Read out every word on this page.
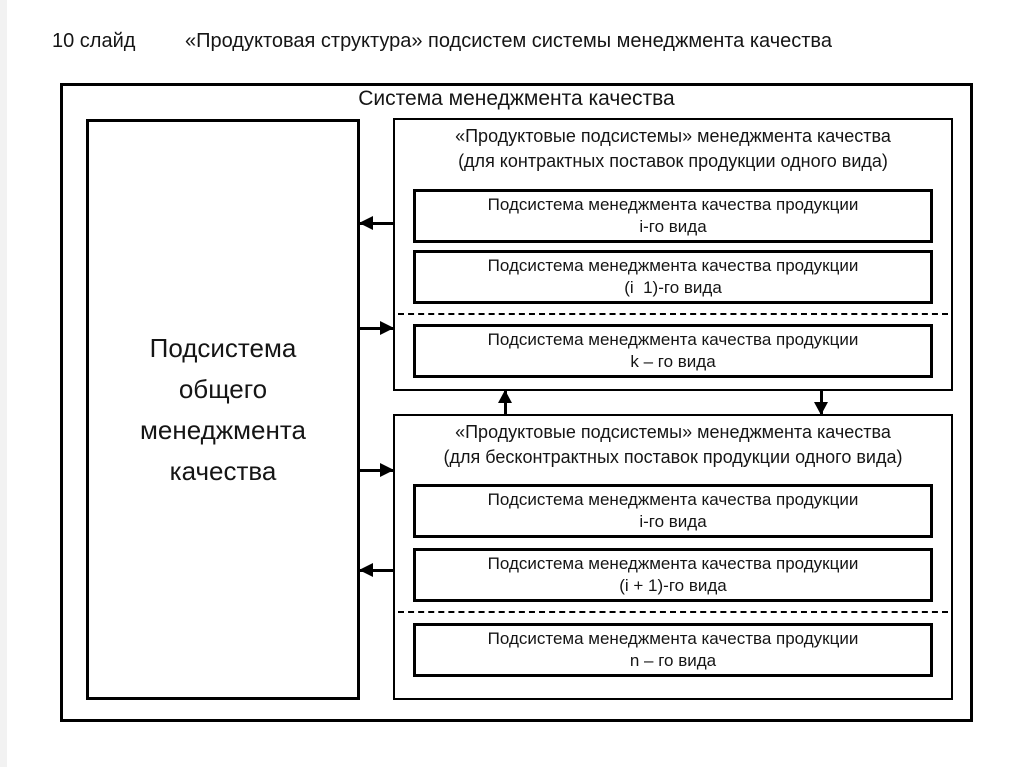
10 слайд «Продуктовая структура» подсистем системы менеджмента качества
Система менеджмента качества
Подсистема общего менеджмента качества
«Продуктовые подсистемы» менеджмента качества
(для контрактных поставок продукции одного вида)
Подсистема менеджмента качества продукции
i-го вида
Подсистема менеджмента качества продукции
(i  1)-го вида
Подсистема менеджмента качества продукции
k – го вида
«Продуктовые подсистемы» менеджмента качества
(для бесконтрактных поставок продукции одного вида)
Подсистема менеджмента качества продукции
i-го вида
Подсистема менеджмента качества продукции
(i + 1)-го вида
Подсистема менеджмента качества продукции
n – го вида
